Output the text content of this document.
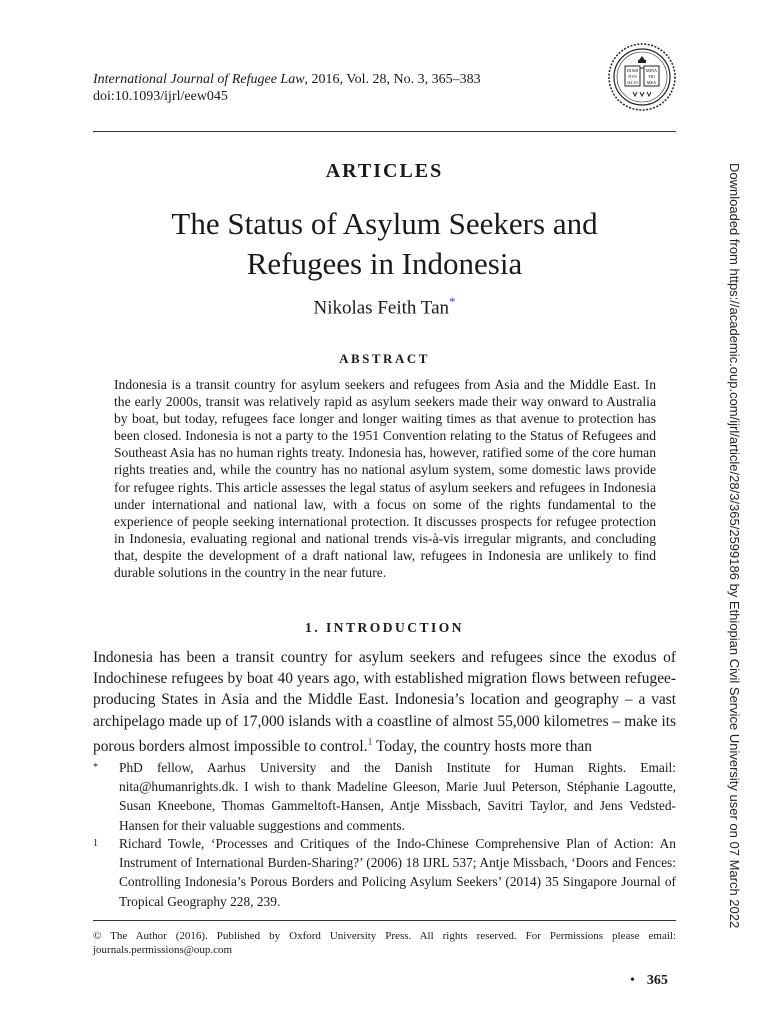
International Journal of Refugee Law, 2016, Vol. 28, No. 3, 365–383
doi:10.1093/ijrl/eew045
DOMI
NVS
ILLVI
MINA
TIO
MEA
Downloaded from https://academic.oup.com/ijrl/article/28/3/365/2599186 by Ethiopian Civil Service University user on 07 March 2022
ARTICLES
The Status of Asylum Seekers and
Refugees in Indonesia
Nikolas Feith Tan*
ABSTRACT
Indonesia is a transit country for asylum seekers and refugees from Asia and the Middle East. In the early 2000s, transit was relatively rapid as asylum seekers made their way onward to Australia by boat, but today, refugees face longer and longer waiting times as that avenue to protection has been closed. Indonesia is not a party to the 1951 Convention relating to the Status of Refugees and Southeast Asia has no human rights treaty. Indonesia has, however, ratified some of the core human rights treaties and, while the country has no national asylum system, some domestic laws provide for refugee rights. This article assesses the legal status of asylum seekers and refugees in Indonesia under international and national law, with a focus on some of the rights fundamental to the experience of people seeking international protection. It discusses prospects for refugee protection in Indonesia, evaluating regional and national trends vis-à-vis irregular migrants, and concluding that, despite the development of a draft national law, refugees in Indonesia are unlikely to find durable solutions in the country in the near future.
1. INTRODUCTION
Indonesia has been a transit country for asylum seekers and refugees since the exodus of Indochinese refugees by boat 40 years ago, with established migration flows between refugee-producing States in Asia and the Middle East. Indonesia’s location and geography – a vast archipelago made up of 17,000 islands with a coastline of almost 55,000 kilometres – make its porous borders almost impossible to control.$^1$ Today, the country hosts more than
* PhD fellow, Aarhus University and the Danish Institute for Human Rights. Email: nita@humanrights.dk. I wish to thank Madeline Gleeson, Marie Juul Peterson, Stéphanie Lagoutte, Susan Kneebone, Thomas Gammeltoft-Hansen, Antje Missbach, Savitri Taylor, and Jens Vedsted-Hansen for their valuable suggestions and comments.
1 Richard Towle, ‘Processes and Critiques of the Indo-Chinese Comprehensive Plan of Action: An Instrument of International Burden-Sharing?’ (2006) 18 IJRL 537; Antje Missbach, ‘Doors and Fences: Controlling Indonesia’s Porous Borders and Policing Asylum Seekers’ (2014) 35 Singapore Journal of Tropical Geography 228, 239.
© The Author (2016). Published by Oxford University Press. All rights reserved. For Permissions please email: journals.permissions@oup.com
• 365
